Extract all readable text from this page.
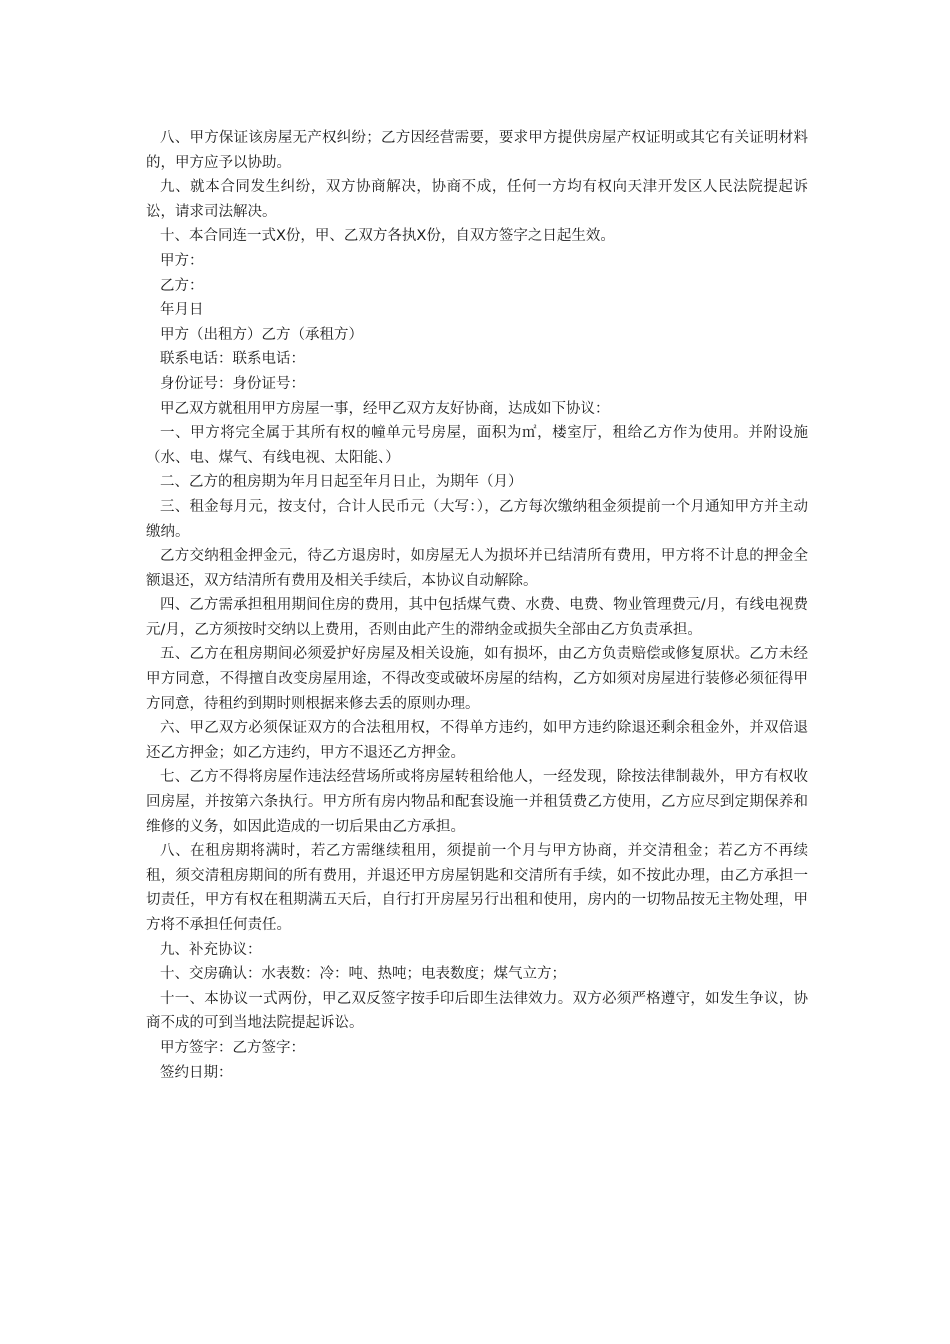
八、甲方保证该房屋无产权纠纷；乙方因经营需要，要求甲方提供房屋产权证明或其它有关证明材料的，甲方应予以协助。

九、就本合同发生纠纷，双方协商解决，协商不成，任何一方均有权向天津开发区人民法院提起诉讼，请求司法解决。

十、本合同连一式X份，甲、乙双方各执X份，自双方签字之日起生效。

甲方：

乙方：

年月日

甲方（出租方）乙方（承租方）

联系电话：联系电话：

身份证号：身份证号：

甲乙双方就租用甲方房屋一事，经甲乙双方友好协商，达成如下协议：

一、甲方将完全属于其所有权的幢单元号房屋，面积为㎡，楼室厅，租给乙方作为使用。并附设施（水、电、煤气、有线电视、太阳能、）

二、乙方的租房期为年月日起至年月日止，为期年（月）

三、租金每月元，按支付，合计人民币元（大写：），乙方每次缴纳租金须提前一个月通知甲方并主动缴纳。

乙方交纳租金押金元，待乙方退房时，如房屋无人为损坏并已结清所有费用，甲方将不计息的押金全额退还，双方结清所有费用及相关手续后，本协议自动解除。

四、乙方需承担租用期间住房的费用，其中包括煤气费、水费、电费、物业管理费元/月，有线电视费元/月，乙方须按时交纳以上费用，否则由此产生的滞纳金或损失全部由乙方负责承担。

五、乙方在租房期间必须爱护好房屋及相关设施，如有损坏，由乙方负责赔偿或修复原状。乙方未经甲方同意，不得擅自改变房屋用途，不得改变或破坏房屋的结构，乙方如须对房屋进行装修必须征得甲方同意，待租约到期时则根据来修去丢的原则办理。

六、甲乙双方必须保证双方的合法租用权，不得单方违约，如甲方违约除退还剩余租金外，并双倍退还乙方押金；如乙方违约，甲方不退还乙方押金。

七、乙方不得将房屋作违法经营场所或将房屋转租给他人，一经发现，除按法律制裁外，甲方有权收回房屋，并按第六条执行。甲方所有房内物品和配套设施一并租赁费乙方使用，乙方应尽到定期保养和维修的义务，如因此造成的一切后果由乙方承担。

八、在租房期将满时，若乙方需继续租用，须提前一个月与甲方协商，并交清租金；若乙方不再续租，须交清租房期间的所有费用，并退还甲方房屋钥匙和交清所有手续，如不按此办理，由乙方承担一切责任，甲方有权在租期满五天后，自行打开房屋另行出租和使用，房内的一切物品按无主物处理，甲方将不承担任何责任。

九、补充协议：

十、交房确认：水表数：冷：吨、热吨；电表数度；煤气立方；

十一、本协议一式两份，甲乙双反签字按手印后即生法律效力。双方必须严格遵守，如发生争议，协商不成的可到当地法院提起诉讼。

甲方签字：乙方签字：

签约日期：
